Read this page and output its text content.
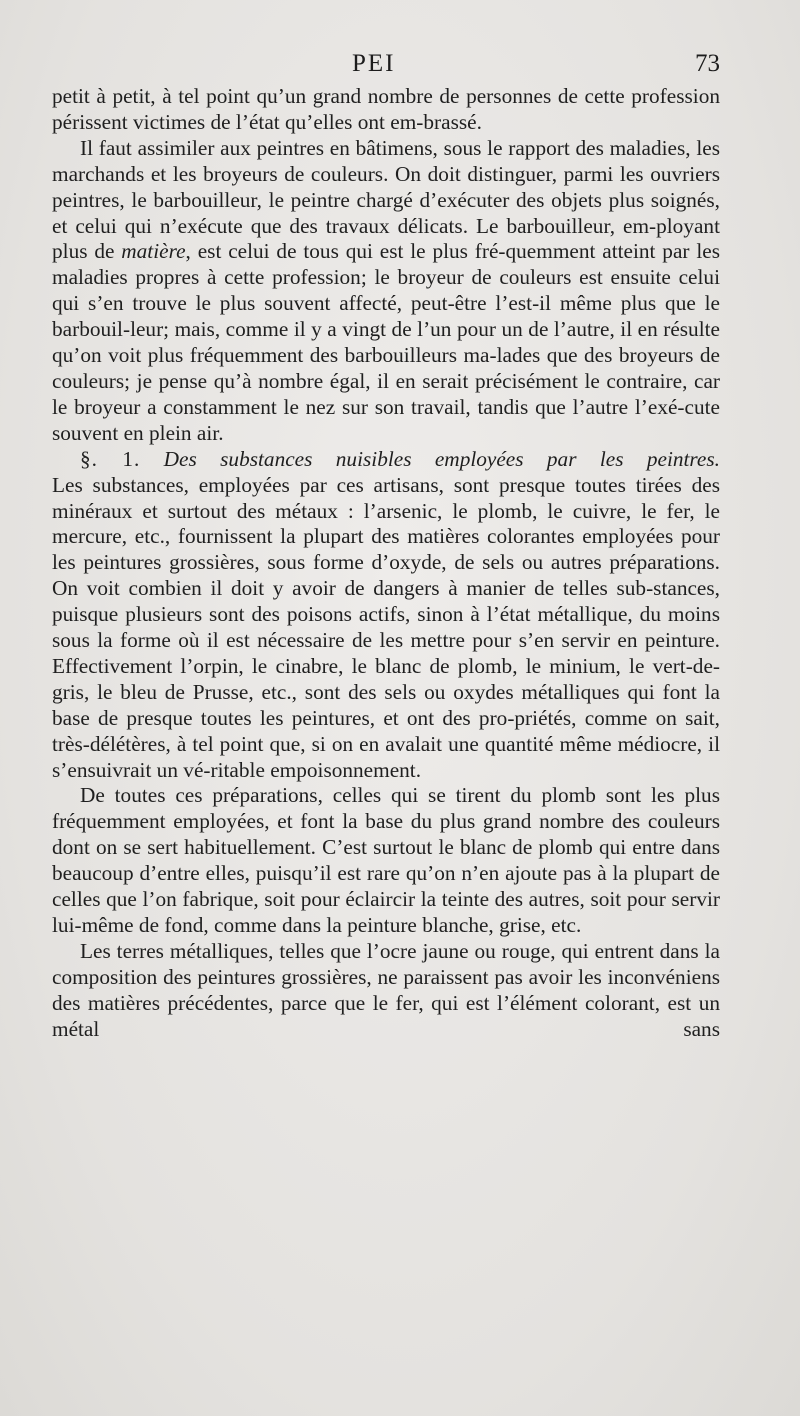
PEI	73

petit à petit, à tel point qu’un grand nombre de personnes de cette profession périssent victimes de l’état qu’elles ont em-brassé.

Il faut assimiler aux peintres en bâtimens, sous le rapport des maladies, les marchands et les broyeurs de couleurs. On doit distinguer, parmi les ouvriers peintres, le barbouilleur, le peintre chargé d’exécuter des objets plus soignés, et celui qui n’exécute que des travaux délicats. Le barbouilleur, em-ployant plus de matière, est celui de tous qui est le plus fré-quemment atteint par les maladies propres à cette profession; le broyeur de couleurs est ensuite celui qui s’en trouve le plus souvent affecté, peut-être l’est-il même plus que le barbouil-leur; mais, comme il y a vingt de l’un pour un de l’autre, il en résulte qu’on voit plus fréquemment des barbouilleurs ma-lades que des broyeurs de couleurs; je pense qu’à nombre égal, il en serait précisément le contraire, car le broyeur a constamment le nez sur son travail, tandis que l’autre l’exé-cute souvent en plein air.

§. 1. Des substances nuisibles employées par les peintres.

Les substances, employées par ces artisans, sont presque toutes tirées des minéraux et surtout des métaux : l’arsenic, le plomb, le cuivre, le fer, le mercure, etc., fournissent la plupart des matières colorantes employées pour les peintures grossières, sous forme d’oxyde, de sels ou autres préparations. On voit combien il doit y avoir de dangers à manier de telles sub-stances, puisque plusieurs sont des poisons actifs, sinon à l’état métallique, du moins sous la forme où il est nécessaire de les mettre pour s’en servir en peinture. Effectivement l’orpin, le cinabre, le blanc de plomb, le minium, le vert-de-gris, le bleu de Prusse, etc., sont des sels ou oxydes métalliques qui font la base de presque toutes les peintures, et ont des pro-priétés, comme on sait, très-délétères, à tel point que, si on en avalait une quantité même médiocre, il s’ensuivrait un vé-ritable empoisonnement.

De toutes ces préparations, celles qui se tirent du plomb sont les plus fréquemment employées, et font la base du plus grand nombre des couleurs dont on se sert habituellement. C’est surtout le blanc de plomb qui entre dans beaucoup d’entre elles, puisqu’il est rare qu’on n’en ajoute pas à la plupart de celles que l’on fabrique, soit pour éclaircir la teinte des autres, soit pour servir lui-même de fond, comme dans la peinture blanche, grise, etc.

Les terres métalliques, telles que l’ocre jaune ou rouge, qui entrent dans la composition des peintures grossières, ne paraissent pas avoir les inconvéniens des matières précédentes, parce que le fer, qui est l’élément colorant, est un métal sans
